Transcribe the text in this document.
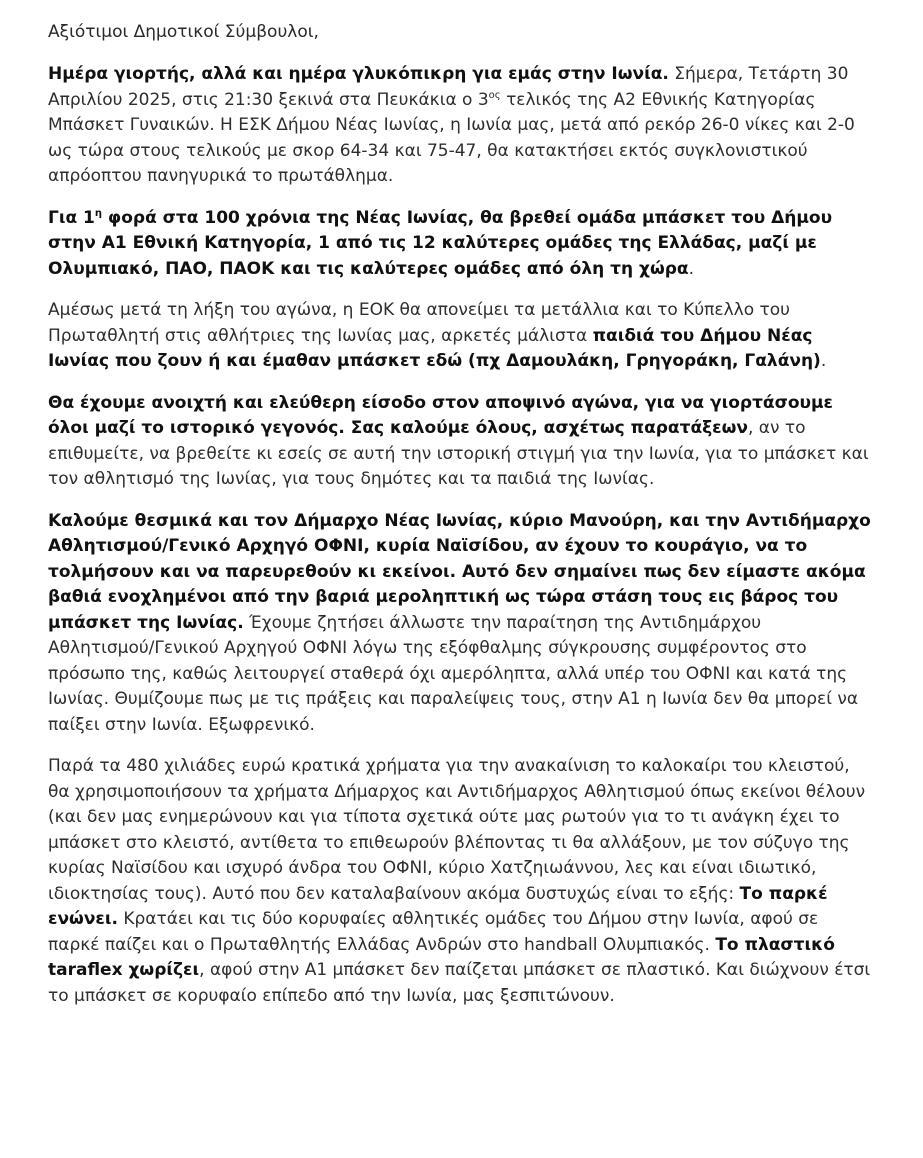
Αξιότιμοι Δημοτικοί Σύμβουλοι,

Ημέρα γιορτής, αλλά και ημέρα γλυκόπικρη για εμάς στην Ιωνία. Σήμερα, Τετάρτη 30 Απριλίου 2025, στις 21:30 ξεκινά στα Πευκάκια ο $3^{o\varsigma}$ τελικός της Α2 Εθνικής Κατηγορίας Μπάσκετ Γυναικών. Η ΕΣΚ Δήμου Νέας Ιωνίας, η Ιωνία μας, μετά από ρεκόρ 26-0 νίκες και 2-0 ως τώρα στους τελικούς με σκορ 64-34 και 75-47, θα κατακτήσει εκτός συγκλονιστικού απρόοπτου πανηγυρικά το πρωτάθλημα.

Για $1^\eta$ φορά στα 100 χρόνια της Νέας Ιωνίας, θα βρεθεί ομάδα μπάσκετ του Δήμου στην Α1 Εθνική Κατηγορία, 1 από τις 12 καλύτερες ομάδες της Ελλάδας, μαζί με Ολυμπιακό, ΠΑΟ, ΠΑΟΚ και τις καλύτερες ομάδες από όλη τη χώρα.

Αμέσως μετά τη λήξη του αγώνα, η ΕΟΚ θα απονείμει τα μετάλλια και το Κύπελλο του Πρωταθλητή στις αθλήτριες της Ιωνίας μας, αρκετές μάλιστα παιδιά του Δήμου Νέας Ιωνίας που ζουν ή και έμαθαν μπάσκετ εδώ (πχ Δαμουλάκη, Γρηγοράκη, Γαλάνη).

Θα έχουμε ανοιχτή και ελεύθερη είσοδο στον αποψινό αγώνα, για να γιορτάσουμε όλοι μαζί το ιστορικό γεγονός. Σας καλούμε όλους, ασχέτως παρατάξεων, αν το επιθυμείτε, να βρεθείτε κι εσείς σε αυτή την ιστορική στιγμή για την Ιωνία, για το μπάσκετ και τον αθλητισμό της Ιωνίας, για τους δημότες και τα παιδιά της Ιωνίας.

Καλούμε θεσμικά και τον Δήμαρχο Νέας Ιωνίας, κύριο Μανούρη, και την Αντιδήμαρχο Αθλητισμού/Γενικό Αρχηγό ΟΦΝΙ, κυρία Ναϊσίδου, αν έχουν το κουράγιο, να το τολμήσουν και να παρευρεθούν κι εκείνοι. Αυτό δεν σημαίνει πως δεν είμαστε ακόμα βαθιά ενοχλημένοι από την βαριά μεροληπτική ως τώρα στάση τους εις βάρος του μπάσκετ της Ιωνίας. Έχουμε ζητήσει άλλωστε την παραίτηση της Αντιδημάρχου Αθλητισμού/Γενικού Αρχηγού ΟΦΝΙ λόγω της εξόφθαλμης σύγκρουσης συμφέροντος στο πρόσωπο της, καθώς λειτουργεί σταθερά όχι αμερόληπτα, αλλά υπέρ του ΟΦΝΙ και κατά της Ιωνίας. Θυμίζουμε πως με τις πράξεις και παραλείψεις τους, στην Α1 η Ιωνία δεν θα μπορεί να παίξει στην Ιωνία. Εξωφρενικό.

Παρά τα 480 χιλιάδες ευρώ κρατικά χρήματα για την ανακαίνιση το καλοκαίρι του κλειστού, θα χρησιμοποιήσουν τα χρήματα Δήμαρχος και Αντιδήμαρχος Αθλητισμού όπως εκείνοι θέλουν (και δεν μας ενημερώνουν και για τίποτα σχετικά ούτε μας ρωτούν για το τι ανάγκη έχει το μπάσκετ στο κλειστό, αντίθετα το επιθεωρούν βλέποντας τι θα αλλάξουν, με τον σύζυγο της κυρίας Ναϊσίδου και ισχυρό άνδρα του ΟΦΝΙ, κύριο Χατζηιωάννου, λες και είναι ιδιωτικό, ιδιοκτησίας τους). Αυτό που δεν καταλαβαίνουν ακόμα δυστυχώς είναι το εξής: Το παρκέ ενώνει. Κρατάει και τις δύο κορυφαίες αθλητικές ομάδες του Δήμου στην Ιωνία, αφού σε παρκέ παίζει και ο Πρωταθλητής Ελλάδας Ανδρών στο handball Ολυμπιακός. Το πλαστικό taraflex χωρίζει, αφού στην Α1 μπάσκετ δεν παίζεται μπάσκετ σε πλαστικό. Και διώχνουν έτσι το μπάσκετ σε κορυφαίο επίπεδο από την Ιωνία, μας ξεσπιτώνουν.
